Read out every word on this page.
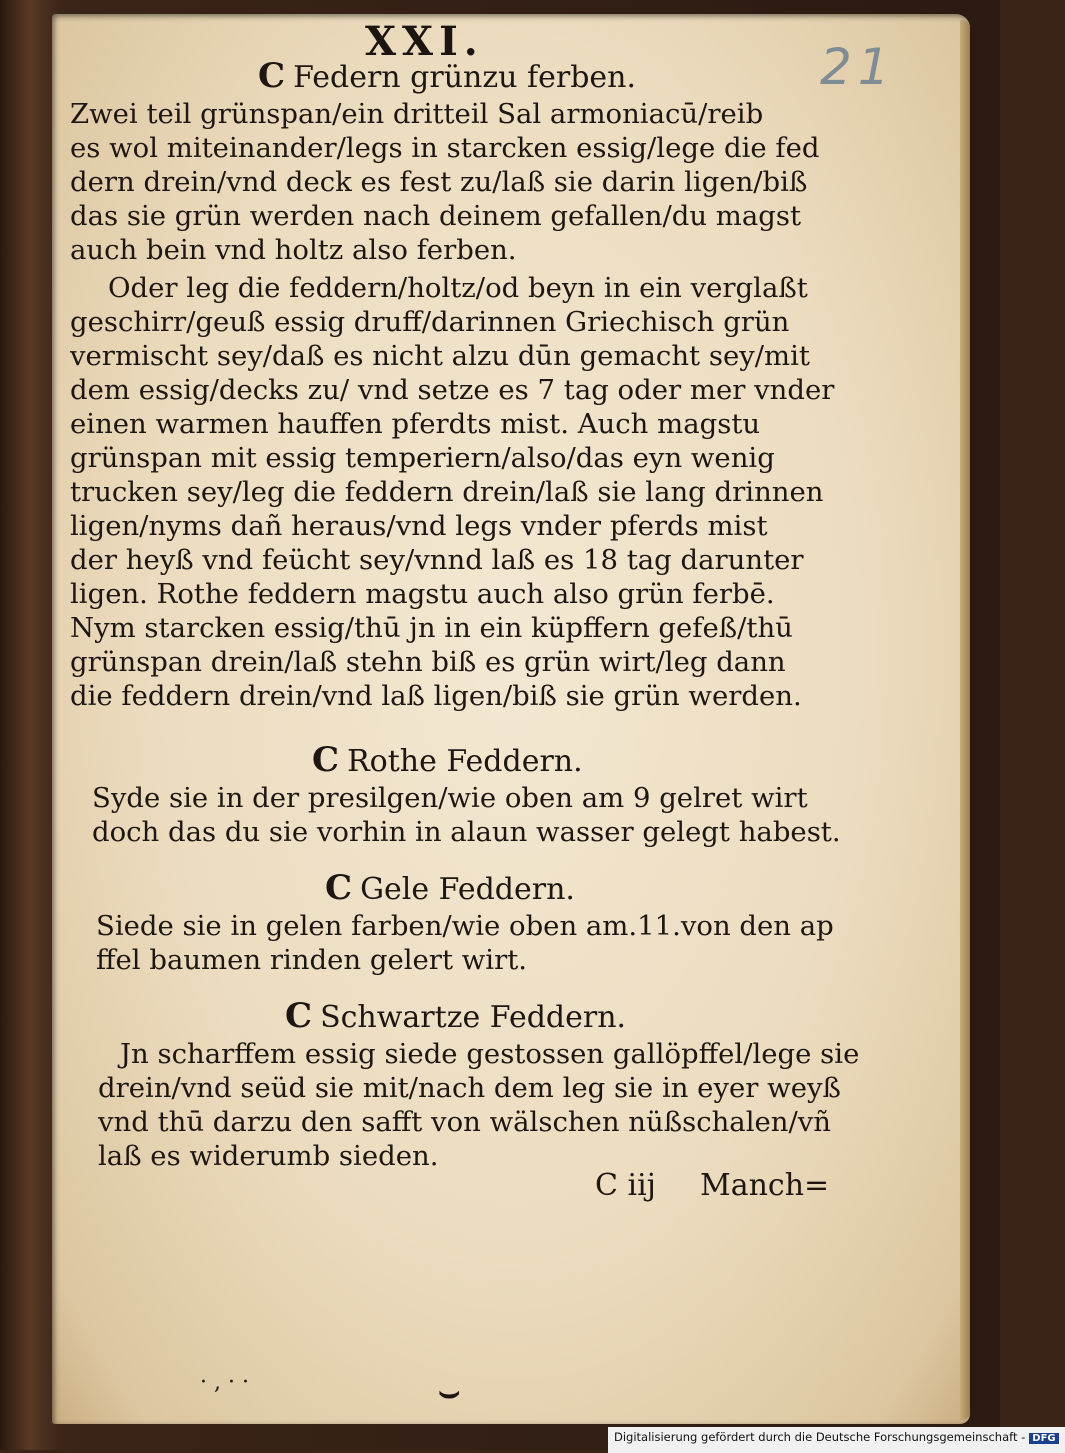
XXI.	21
C Federn grünzu ferben.
Zwei teil grünspan/ein dritteil Sal armoniacū/reib
es wol miteinander/legs in starcken essig/lege die fed
dern drein/vnd deck es fest zu/laß sie darin ligen/biß
das sie grün werden nach deinem gefallen/du magst
auch bein vnd holtz also ferben.
Oder leg die feddern/holtz/od beyn in ein verglaßt
geschirr/geuß essig druff/darinnen Griechisch grün
vermischt sey/daß es nicht alzu dūn gemacht sey/mit
dem essig/decks zu/ vnd setze es 7 tag oder mer vnder
einen warmen hauffen pferdts mist. Auch magstu
grünspan mit essig temperiern/also/das eyn wenig
trucken sey/leg die feddern drein/laß sie lang drinnen
ligen/nyms dañ heraus/vnd legs vnder pferds mist
der heyß vnd feücht sey/vnnd laß es 18 tag darunter
ligen. Rothe feddern magstu auch also grün ferbē.
Nym starcken essig/thū jn in ein küpffern gefeß/thū
grünspan drein/laß stehn biß es grün wirt/leg dann
die feddern drein/vnd laß ligen/biß sie grün werden.
C Rothe Feddern.
Syde sie in der presilgen/wie oben am 9 gelret wirt
doch das du sie vorhin in alaun wasser gelegt habest.
C Gele Feddern.
Siede sie in gelen farben/wie oben am.11.von den ap
ffel baumen rinden gelert wirt.
C Schwartze Feddern.
Jn scharffem essig siede gestossen gallöpffel/lege sie
drein/vnd seüd sie mit/nach dem leg sie in eyer weyß
vnd thū darzu den safft von wälschen nüßschalen/vñ
laß es widerumb sieden.
C iij Manch=
· , · ·	⌣
Digitalisierung gefördert durch die Deutsche Forschungsgemeinschaft - DFG
